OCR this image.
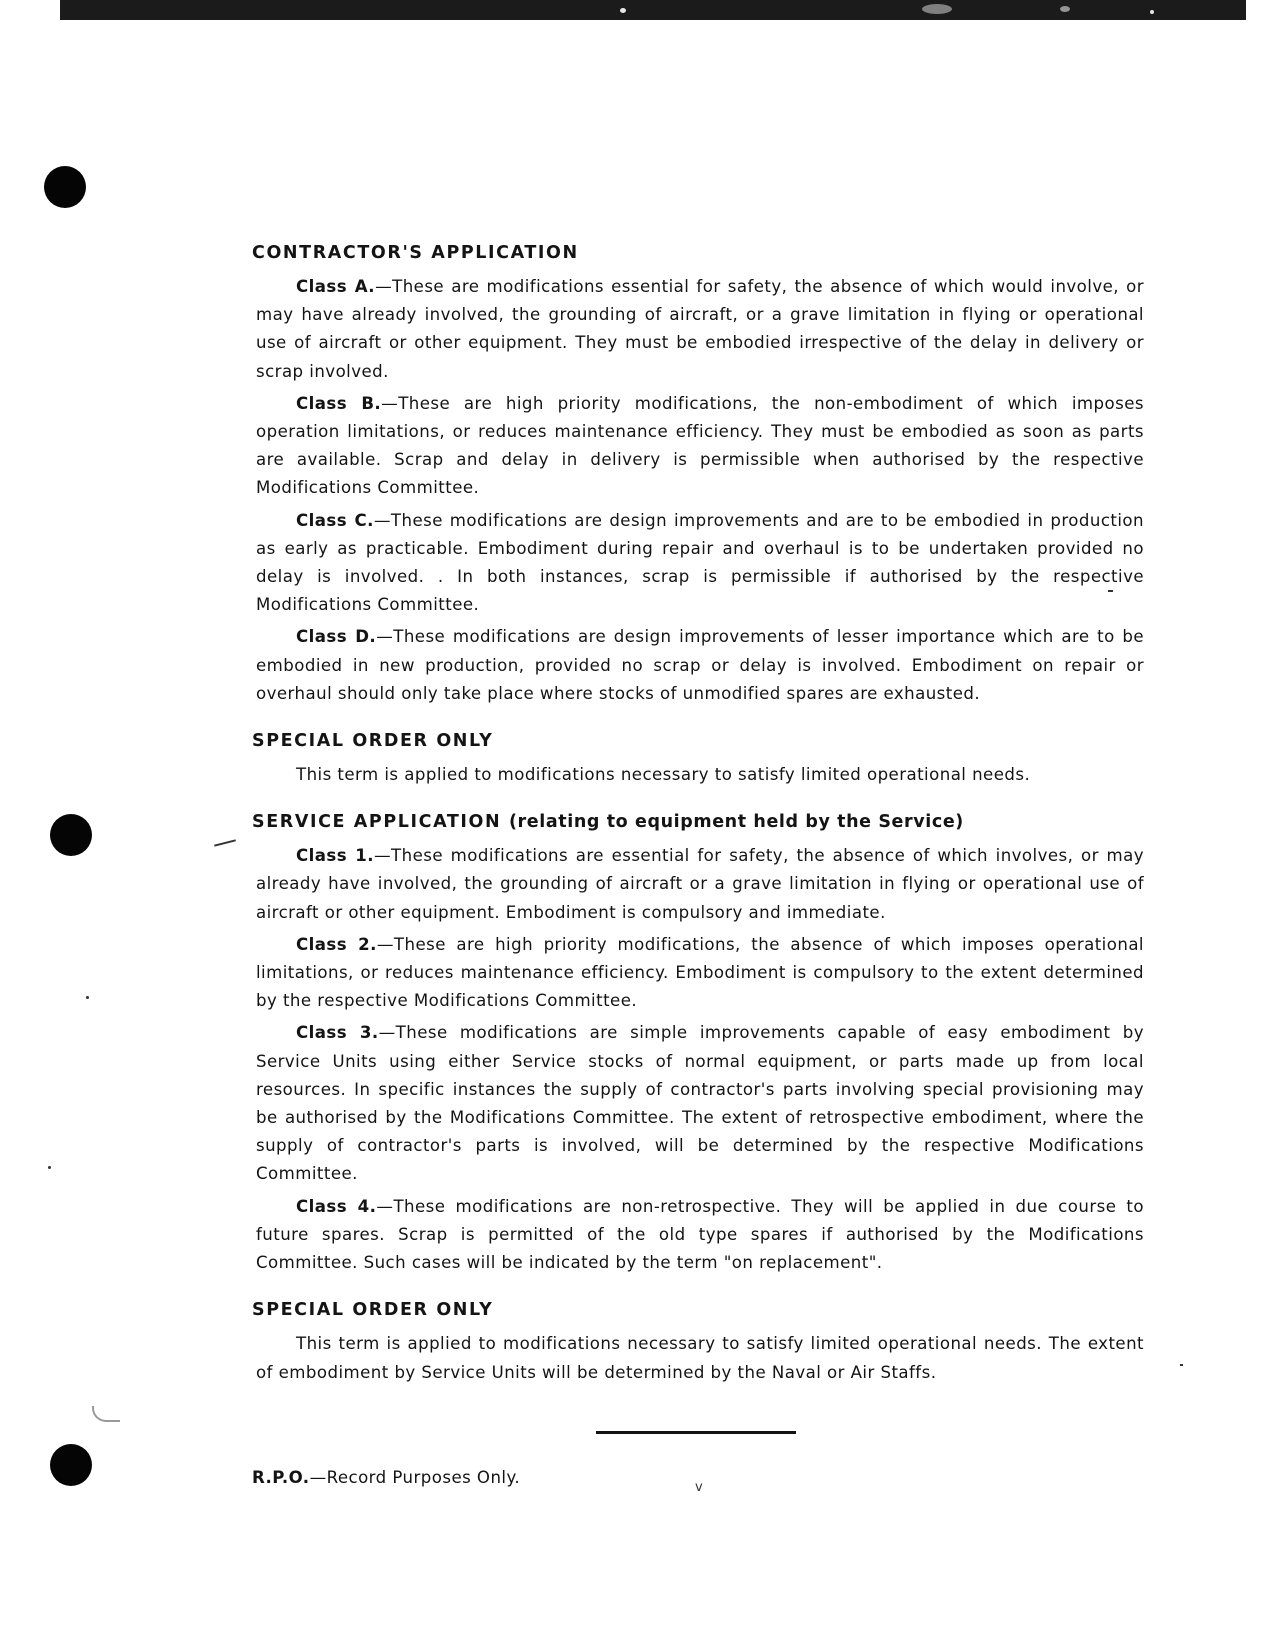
CONTRACTOR'S APPLICATION

Class A.—These are modifications essential for safety, the absence of which would involve, or may have already involved, the grounding of aircraft, or a grave limitation in flying or operational use of aircraft or other equipment. They must be embodied irrespective of the delay in delivery or scrap involved.

Class B.—These are high priority modifications, the non-embodiment of which imposes operation limitations, or reduces maintenance efficiency. They must be embodied as soon as parts are available. Scrap and delay in delivery is permissible when authorised by the respective Modifications Committee.

Class C.—These modifications are design improvements and are to be embodied in production as early as practicable. Embodiment during repair and overhaul is to be undertaken provided no delay is involved. . In both instances, scrap is permissible if authorised by the respective Modifications Committee.

Class D.—These modifications are design improvements of lesser importance which are to be embodied in new production, provided no scrap or delay is involved. Embodiment on repair or overhaul should only take place where stocks of unmodified spares are exhausted.

SPECIAL ORDER ONLY

This term is applied to modifications necessary to satisfy limited operational needs.

SERVICE APPLICATION (relating to equipment held by the Service)

Class 1.—These modifications are essential for safety, the absence of which involves, or may already have involved, the grounding of aircraft or a grave limitation in flying or operational use of aircraft or other equipment. Embodiment is compulsory and immediate.

Class 2.—These are high priority modifications, the absence of which imposes operational limitations, or reduces maintenance efficiency. Embodiment is compulsory to the extent determined by the respective Modifications Committee.

Class 3.—These modifications are simple improvements capable of easy embodiment by Service Units using either Service stocks of normal equipment, or parts made up from local resources. In specific instances the supply of contractor's parts involving special provisioning may be authorised by the Modifications Committee. The extent of retrospective embodiment, where the supply of contractor's parts is involved, will be determined by the respective Modifications Committee.

Class 4.—These modifications are non-retrospective. They will be applied in due course to future spares. Scrap is permitted of the old type spares if authorised by the Modifications Committee. Such cases will be indicated by the term "on replacement".

SPECIAL ORDER ONLY

This term is applied to modifications necessary to satisfy limited operational needs. The extent of embodiment by Service Units will be determined by the Naval or Air Staffs.

R.P.O.—Record Purposes Only.
v
